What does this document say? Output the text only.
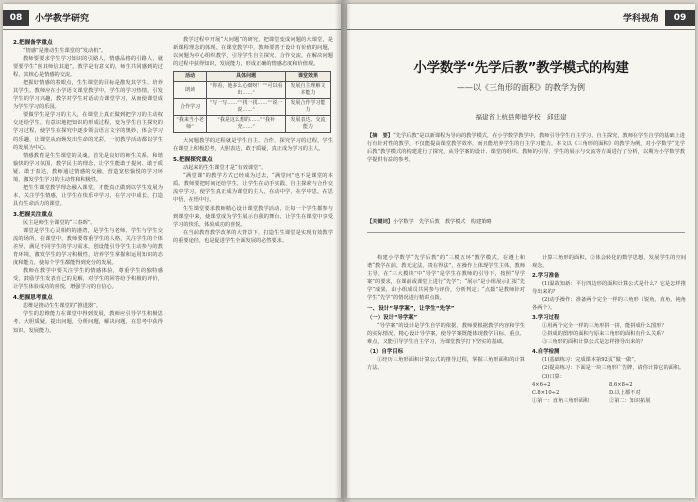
08	小学教学研究
2.把握备学重点

“情感”是推动生生课堂的“发动机”。

教师要要求学生学习知识的引路人，情感品格的引路人，就要要学生“喜其师信其道”。教学是有意义的，师生共同感到的过程，其核心是情感的交流。

把握好情感的着眼点，生生课堂的目标是激发其学生、培养其学生。教师应在小学语文课堂教学中，学生的学习热情，引发学生的学习兴趣，教学对学生对话动力课堂学习，从而使课堂成为学生学习的乐园。

要做学生是学习的主人，在课堂上真正做到把学习的主动权交还给学生。有意识地把知识的形成过程，变为学生自主探究的学习过程，使学生在探究中逐步领会语言文字的奥妙，体会学习的乐趣，让课堂从而焕发出生命的光彩，一切教学活动都以学生的发展为中心。

情感教育是生生课堂的灵魂。首先是良好的师生关系，和谐愉快的学习氛围，教学民主的理念，让学生能敢于提问、敢于质疑、敢于表达，教师通过情感的交融，营造宽松愉悦的学习环境，激发学生学习的主动性和积极性。

把生生课堂教学理念融入课堂，才能真正做到以学生发展为本，关注学生情感，让学生在快乐中学习，在学习中成长，打造具有生命活力的课堂。

3.把握关注重点

民主是师生全课堂的“三春晖”。

课堂是学生心灵相约的港湾，是学生与老师、学生与学生交流的场所，在课堂中，教师要尊重学生的人格，关注学生的个体差异，满足不同学生的学习需求，创设能引导学生主动参与的教育环境，激发学生的学习积极性，培养学生掌握和运用知识的态度和能力，使每个学生都能得到充分的发展。

教师在教学中要关注学生的情感体验，尊重学生的独特感受，鼓励学生发表自己的见解，对学生的回答给予积极的评价，让学生体验成功的喜悦，增强学习的自信心。

4.把握思考重点

思维是推动生生课堂的“推进器”。

学生的思维能力在课堂中得到发展，教师应引导学生积极思考，大胆质疑，提出问题，分析问题，解决问题，在思考中获得知识，发展能力。

教学过程中开展“大问题”的研究，把课堂变成问题的大课堂，是新课程理念的体现。在课堂教学中，教师要善于设计有价值的问题，以问题为中心组织教学，引导学生自主探究、合作交流，在解决问题的过程中获得知识，发展能力，形成正确的情感态度和价值观。

活动	具体问题	课堂效果
朗读	“你看，他多么心细呀！”“可以看出……”	发展自主理解文本能力
合作学习	“写一写……”“找一找……”“说一说……”	发展合作学习能力
“我来当小老师”	“我是这么想的……”“我补充……”	发展表达、交流能力

大问题教学的过程就是学生自主、合作、探究学习的过程，学生在课堂上积极思考，大胆表达，敢于质疑，真正成为学习的主人。

5.把握探究重点

动起来的生生课堂才是“有效课堂”。

“满堂课”的教学方式已经成为过去，“满堂问”也不是课堂的本质。教师要把时间还给学生，让学生在动手实践、自主探索与合作交流中学习，使学生真正成为课堂的主人，在动中学，在学中思，在思中悟，在悟中行。

生生课堂要求教师精心设计课堂教学活动，让每一个学生都参与到课堂中来，使课堂成为学生展示自我的舞台，让学生在课堂中享受学习的快乐，体验成功的喜悦。

在当前教育教学改革的大背景下，打造生生课堂是实现有效教学的重要途径，也是促进学生全面发展的必然要求。

学科视角	09
小学数学“先学后教”教学模式的构建
——以《三角形的面积》的教学为例
福建省上杭县师德学校　邱廷建
【摘　要】“先学后教”是以新课程为导向的教学模式，在小学数学教学中，教师引导学生自主学习、自主探究，教师在学生自学的基础上进行有针对性的教学，不仅能提高课堂教学效率，而且能培养学生的自主学习能力。本文以《三角形的面积》的教学为例，对小学数学“先学后教”教学模式的构建进行了探究，从导学案的设计、课堂的组织、教师的引导、学生的展示与交流等方面进行了分析，以期为小学数学教学提供有益的参考。
【关键词】小学数学　先学后教　教学模式　构建策略

构建小学数学“先学后教”的“三模五环”教学模式，在遵上和谐“教学在前，教无定法，贵在得法”，在操作上体现学生主体，教师主导，在“三大模块”中“导学”是学生在教师的引导下，按照“导学案”的要求，在课前或课堂上进行“先学”；“展示”是小组展示汇报“先学”成果，由小组成员共同参与评价，分析判定；“点拨”是教师针对学生“先学”的情况进行精讲点拨。

一、设计“导学案”，让学生“先学”
（一）设计“导学案”

“导学案”的设计是学生自学的依据，教师要根据教学内容和学生的实际情况，精心设计导学案，使导学案既能体现教学目标、重点、难点，又能引导学生自主学习，为课堂教学打下坚实的基础。

（1）自学目标

①经历三角形面积计算公式的推导过程，掌握三角形面积的计算方法。

计算三角形的面积。②体会转化的数学思想，发展学生的空间观念。

2.学习准备

(1)温故知新：平行四边形的面积计算公式是什么？它是怎样推导出来的？

(2)动手操作：准备两个完全一样的三角形（锐角、直角、钝角各两个）。

3.学习过程

①用两个完全一样的三角形拼一拼，能拼成什么图形？

②拼成的图形的面积与原来三角形的面积有什么关系？

③三角形的面积计算公式是怎样推导出来的？

4.自学检测

(1)基础练习：完成课本第92页“做一做”。

(2)提高练习：下面是一块三角形广告牌，请你计算它的面积。

(3)口算：

4×6÷2	8.6×8÷2
C.8×10÷2	D.以上都不对
①第一：直角三角形面积	②第二：知识拓展
